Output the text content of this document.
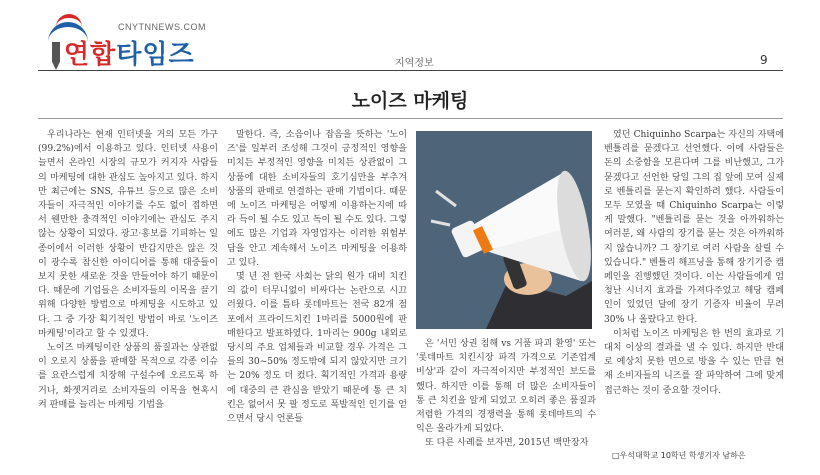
CNYTNNEWS.COM
연합타임즈	지역정보	9
노이즈 마케팅

우리나라는 현재 인터넷을 거의 모든 가구(99.2%)에서 이용하고 있다. 인터넷 사용이 늘면서 온라인 시장의 규모가 커지자 사람들의 마케팅에 대한 관심도 높아지고 있다. 하지만 최근에는 SNS, 유튜브 등으로 많은 소비자들이 자극적인 이야기를 수도 없이 접하면서 웬만한 충격적인 이야기에는 관심도 주지 않는 상황이 되었다. 광고·홍보를 기피하는 일종이에서 이러한 상황이 반갑지만은 않은 것이 광수록 참신한 아이디어를 통해 대중들이 보지 못한 새로운 것을 만들어야 하기 때문이다. 때문에 기업들은 소비자들의 이목을 끌기 위해 다양한 방법으로 마케팅을 시도하고 있다. 그 중 가장 획기적인 방법이 바로 '노이즈 마케팅'이라고 할 수 있겠다.

노이즈 마케팅이란 상품의 품질과는 상관없이 오로지 상품을 판매할 목적으로 각종 이슈를 요란스럽게 치장해 구설수에 오르도록 하거나, 화젯거리로 소비자들의 이목을 현혹시켜 판매를 늘리는 마케팅 기법을

말한다. 즉, 소음이나 잡음을 뜻하는 '노이즈'를 일부러 조성해 그것이 긍정적인 영향을 미치든 부정적인 영향을 미치든 상관없이 그 상품에 대한 소비자들의 호기심만을 부추겨 상품의 판매로 연결하는 판매 기법이다. 때문에 노이즈 마케팅은 어떻게 이용하는지에 따라 득이 될 수도 있고 독이 될 수도 있다. 그렇에도 많은 기업과 자영업자는 이러한 위험부담을 안고 계속해서 노이즈 마케팅을 이용하고 있다.

몇 년 전 한국 사회는 닭의 원가 대비 치킨의 값이 터무니없이 비싸다는 논란으로 시끄러웠다. 이를 틈타 롯데마트는 전국 82개 점포에서 프라이드치킨 1마리를 5000원에 판매한다고 발표하였다. 1마리는 900g 내외로 당시의 주요 업체들과 비교할 경우 가격은 그들의 30~50% 정도밖에 되지 않았지만 크기는 20% 정도 더 컸다. 획기적인 가격과 용량에 대중의 큰 관심을 받았기 때문에 통 큰 치킨은 없어서 못 팔 정도로 폭발적인 인기를 얻으면서 당시 언론들

은 '서민 상권 침해 vs 거품 파괴 환영' 또는 '롯데마트 치킨시장 파격 가격으로 기존업계 비상'과 같이 자극적이지만 부정적인 보도를 했다. 하지만 이를 통해 더 많은 소비자들이 통 큰 치킨을 알게 되었고 오히려 좋은 품질과 저렴한 가격의 경쟁력을 통해 롯데마트의 수익은 올라가게 되었다.

또 다른 사례를 보자면, 2015년 백만장자

였던 Chiquinho Scarpa는 자신의 자택에 벤틀리를 묻겠다고 선언했다. 이에 사람들은 돈의 소중함을 모른다며 그를 비난했고, 그가 묻겠다고 선언한 당일 그의 집 앞에 모여 실제로 벤틀리를 묻는지 확인하려 했다. 사람들이 모두 모였을 때 Chiquinho Scarpa는 이렇게 말했다. "벤틀리를 묻는 것을 아까워하는 여러분, 왜 사람의 장기를 묻는 것은 아까워하지 않습니까? 그 장기로 여러 사람을 살릴 수 있습니다." 벤틀리 해프닝을 통해 장기기증 캠페인을 진행했던 것이다. 이는 사람들에게 엄청난 시너지 효과를 가져다주었고 해당 캠페인이 있었던 달에 장기 기증자 비율이 무려 30% 나 올랐다고 한다.

이처럼 노이즈 마케팅은 한 번의 효과로 기대치 이상의 결과를 낼 수 있다. 하지만 반대로 예상치 못한 면으로 방을 수 있는 만큼 현재 소비자들의 니즈를 잘 파악하여 그에 맞게 접근하는 것이 중요할 것이다.

□우석대학교 10학년 학생기자 남하은
